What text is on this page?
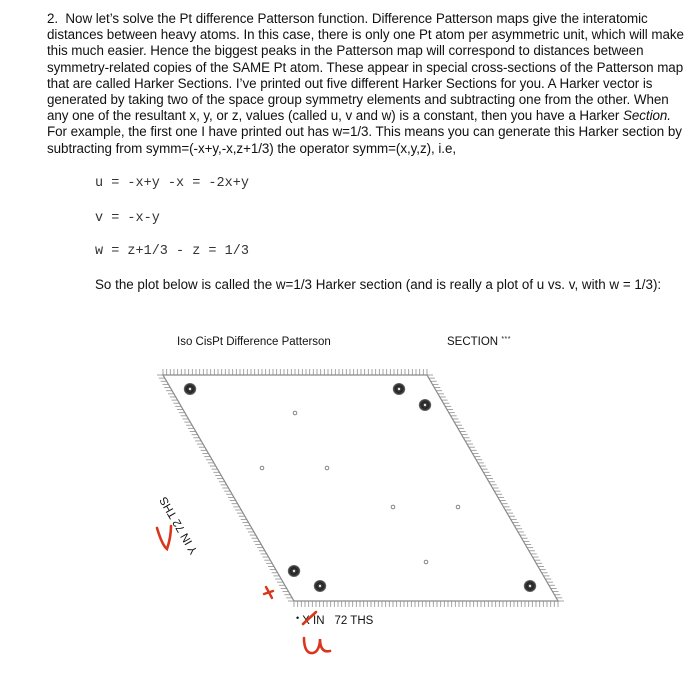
2. Now let’s solve the Pt difference Patterson function. Difference Patterson maps give the interatomic distances between heavy atoms. In this case, there is only one Pt atom per asymmetric unit, which will make this much easier. Hence the biggest peaks in the Patterson map will correspond to distances between symmetry-related copies of the SAME Pt atom. These appear in special cross-sections of the Patterson map that are called Harker Sections. I’ve printed out five different Harker Sections for you. A Harker vector is generated by taking two of the space group symmetry elements and subtracting one from the other. When any one of the resultant x, y, or z, values (called u, v and w) is a constant, then you have a Harker Section. For example, the first one I have printed out has w=1/3. This means you can generate this Harker section by subtracting from symm=(-x+y,-x,z+1/3) the operator symm=(x,y,z), i.e,
u = -x+y -x = -2x+y
v = -x-y
w = z+1/3 - z = 1/3
So the plot below is called the w=1/3 Harker section (and is really a plot of u vs. v, with w = 1/3):
Iso CisPt Difference Patterson	SECTION ***
• X IN 72 THS
Y IN 72 THS
